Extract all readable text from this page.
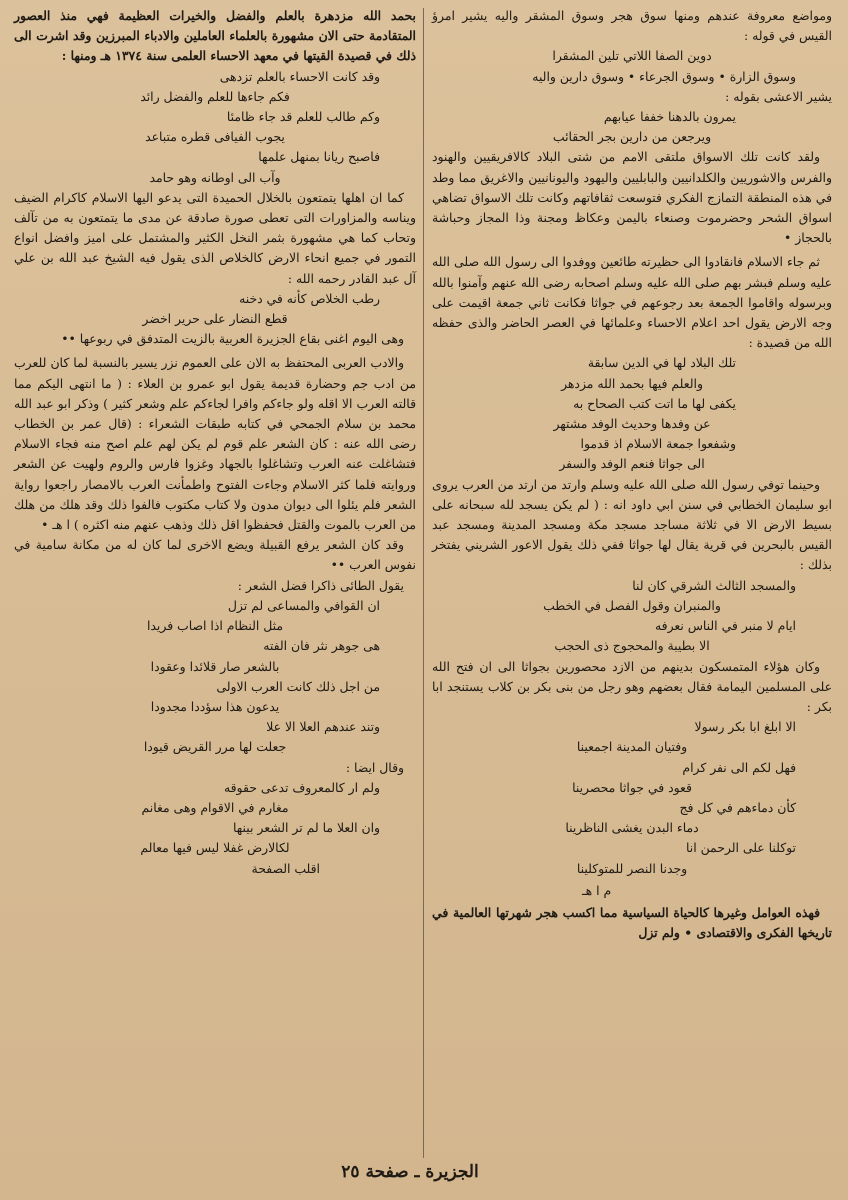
ومواضع معروفة عندهم ومنها سوق هجر وسوق المشقر واليه يشير امرؤ القيس في قوله :

دوين الصفا اللاتي تلين المشقرا
وسوق الزارة • وسوق الجرعاء • وسوق دارين واليه

يشير الاعشى بقوله :

يمرون بالدهنا خففا عيابهم
ويرجعن من دارين بجر الحقائب

ولقد كانت تلك الاسواق ملتقى الامم من شتى البلاد كالافريقيين والهنود والفرس والاشوريين والكلدانيين والبابليين واليهود واليونانيين والاغريق مما وطد في هذه المنطقة التمازج الفكري فتوسعت ثقافاتهم وكانت تلك الاسواق تضاهي اسواق الشحر وحضرموت وصنعاء باليمن وعكاظ ومجنة وذا المجاز وحباشة بالحجاز •

ثم جاء الاسلام فانقادوا الى حظيرته طائعين ووفدوا الى رسول الله صلى الله عليه وسلم فبشر بهم صلى الله عليه وسلم اصحابه رضى الله عنهم وآمنوا بالله وبرسوله واقاموا الجمعة بعد رجوعهم في جواثا فكانت ثاني جمعة اقيمت على وجه الارض يقول احد اعلام الاحساء وعلمائها في العصر الحاضر والذى حفظه الله من قصيدة :

تلك البلاد لها في الدين سابقة
والعلم فيها بحمد الله مزدهر
يكفى لها ما اتت كتب الصحاح به
عن وفدها وحديث الوفد مشتهر
وشفعوا جمعة الاسلام اذ قدموا
الى جواثا فنعم الوفد والسفر

وحينما توفي رسول الله صلى الله عليه وسلم وارتد من ارتد من العرب يروى ابو سليمان الخطابي في سنن ابي داود انه : ( لم يكن يسجد لله سبحانه على بسيط الارض الا في ثلاثة مساجد مسجد مكة ومسجد المدينة ومسجد عبد القيس بالبحرين في قرية يقال لها جواثا ففي ذلك يقول الاعور الشريني يفتخر بذلك :

والمسجد الثالث الشرقي كان لنا
والمنبران وقول الفصل في الخطب
ايام لا منبر في الناس نعرفه
الا بطيبة والمحجوج ذى الحجب

وكان هؤلاء المتمسكون بدينهم من الازد محصورين بجواثا الى ان فتح الله على المسلمين اليمامة فقال بعضهم وهو رجل من بنى بكر بن كلاب يستنجد ابا بكر :

الا ابلغ ابا بكر رسولا
وفتيان المدينة اجمعينا
فهل لكم الى نفر كرام
قعود في جواثا محصرينا
كأن دماءهم في كل فج
دماء البدن يغشى الناظرينا
توكلنا على الرحمن انا
وجدنا النصر للمتوكلينا

م ا هـ

فهذه العوامل وغيرها كالحياة السياسية مما اكسب هجر شهرتها العالمية في تاريخها الفكرى والاقتصادى • ولم تزل

بحمد الله مزدهرة بالعلم والفضل والخيرات العظيمة فهي منذ العصور المتقادمة حتى الان مشهورة بالعلماء العاملين والادباء المبرزين وقد اشرت الى ذلك في قصيدة القيتها في معهد الاحساء العلمى سنة ١٣٧٤ هـ ومنها :

وقد كانت الاحساء بالعلم تزدهى
فكم جاءها للعلم والفضل رائد
وكم طالب للعلم قد جاء ظامئا
يجوب الفيافى قطره متباعد
فاصبح ريانا بمنهل علمها
وآب الى اوطانه وهو حامد

كما ان اهلها يتمتعون بالخلال الحميدة التى يدعو اليها الاسلام كاكرام الضيف ويناسه والمزاورات التى تعطى صورة صادقة عن مدى ما يتمتعون به من تآلف وتحاب كما هي مشهورة بثمر النخل الكثير والمشتمل على اميز وافضل انواع التمور في جميع انحاء الارض كالخلاص الذى يقول فيه الشيخ عبد الله بن علي آل عبد القادر رحمه الله :

رطب الخلاص كأنه في دخنه
قطع النضار على حرير اخضر

وهى اليوم اغنى بقاع الجزيرة العربية بالزيت المتدفق في ربوعها ••

والادب العربى المحتفظ به الان على العموم نزر يسير بالنسبة لما كان للعرب من ادب جم وحضارة قديمة يقول ابو عمرو بن العلاء : ( ما انتهى اليكم مما قالته العرب الا اقله ولو جاءكم وافرا لجاءكم علم وشعر كثير ) وذكر ابو عبد الله محمد بن سلام الجمحي في كتابه طبقات الشعراء : (قال عمر بن الخطاب رضى الله عنه : كان الشعر علم قوم لم يكن لهم علم اصح منه فجاء الاسلام فتشاغلت عنه العرب وتشاغلوا بالجهاد وغزوا فارس والروم ولهيت عن الشعر وروايته فلما كثر الاسلام وجاءت الفتوح واطمأنت العرب بالامصار راجعوا رواية الشعر فلم يئلوا الى ديوان مدون ولا كتاب مكتوب فالفوا ذلك وقد هلك من هلك من العرب بالموت والقتل فحفظوا اقل ذلك وذهب عنهم منه اكثره ) ا هـ •

وقد كان الشعر يرفع القبيلة ويضع الاخرى لما كان له من مكانة سامية في نفوس العرب ••

يقول الطائى ذاكرا فضل الشعر :

ان القوافي والمساعى لم تزل
مثل النظام اذا اصاب فريدا
هى جوهر نثر فان الفته
بالشعر صار قلائدا وعقودا
من اجل ذلك كانت العرب الاولى
يدعون هذا سؤددا مجدودا
وتند عندهم العلا الا علا
جعلت لها مرر القريض قيودا

وقال ايضا :

ولم ار كالمعروف تدعى حقوقه
مغارم في الاقوام وهى مغانم
وان العلا ما لم تر الشعر بينها
لكالارض غفلا ليس فيها معالم
اقلب الصفحة
الجزيرة ـ صفحة ٢٥
